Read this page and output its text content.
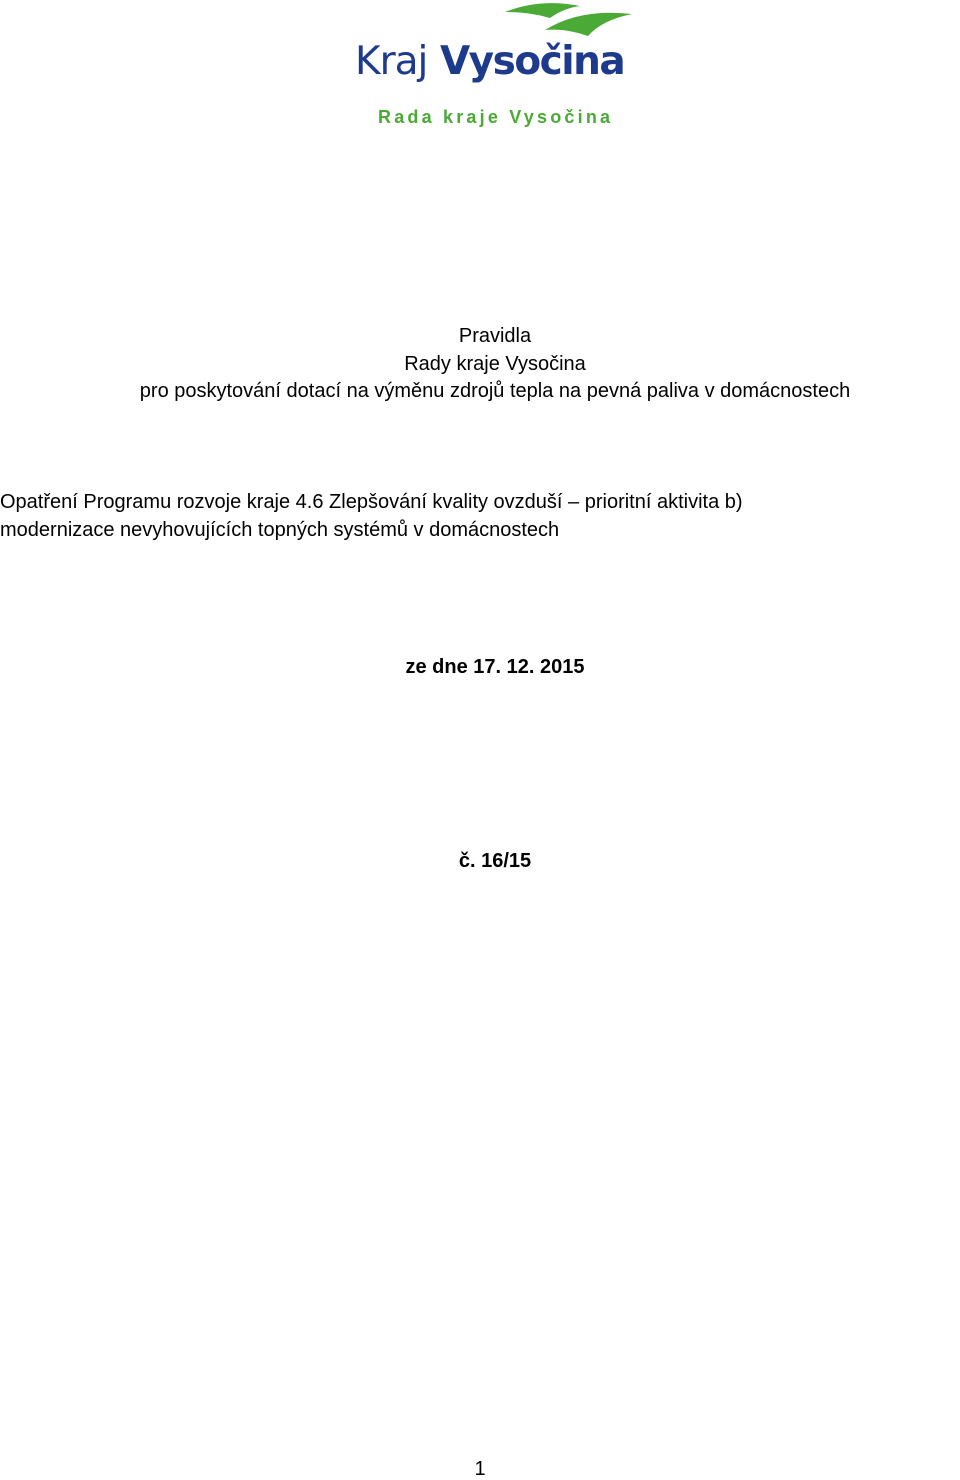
Kraj Vysočina
Rada kraje Vysočina
Pravidla
Rady kraje Vysočina
pro poskytování dotací na výměnu zdrojů tepla na pevná paliva v domácnostech
Opatření Programu rozvoje kraje 4.6 Zlepšování kvality ovzduší – prioritní aktivita b)
modernizace nevyhovujících topných systémů v domácnostech
ze dne 17. 12. 2015
č. 16/15
1
